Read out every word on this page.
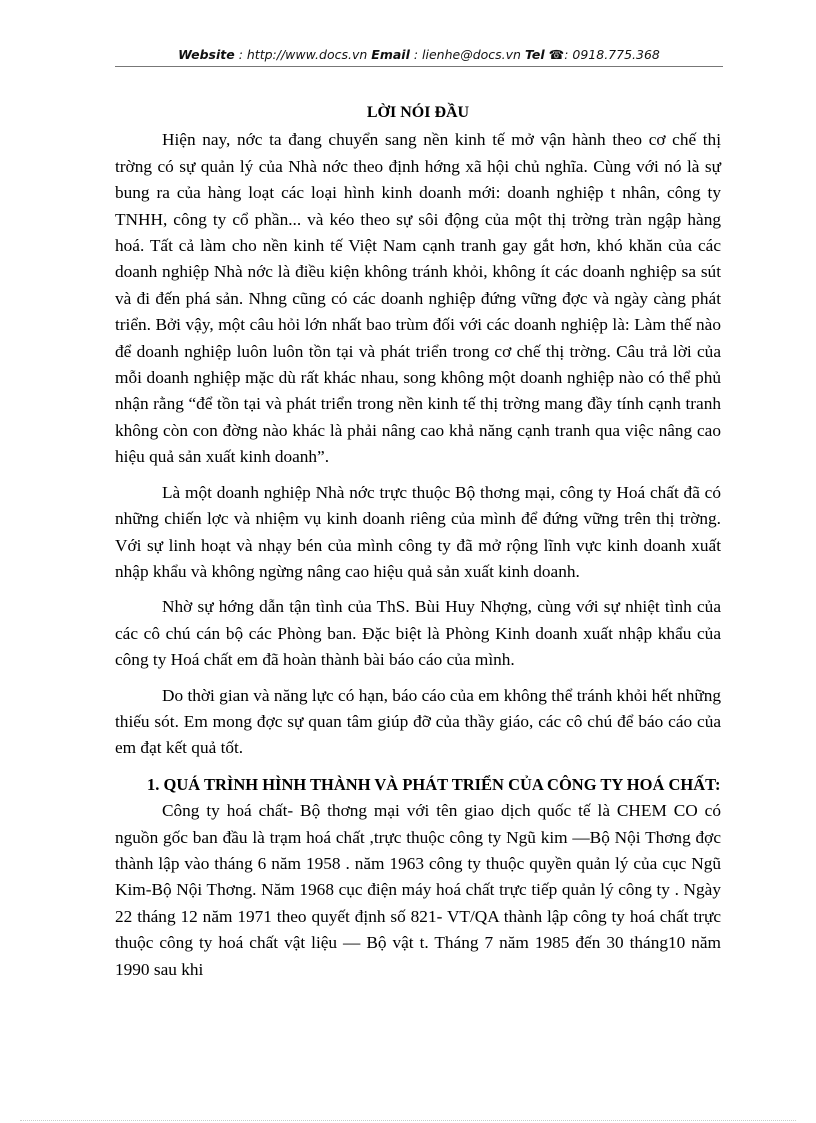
Website : http://www.docs.vn Email : lienhe@docs.vn Tel ☎: 0918.775.368

LỜI NÓI ĐẦU

Hiện nay, nớc ta đang chuyển sang nền kinh tế mở vận hành theo cơ chế thị trờng có sự quản lý của Nhà nớc theo định hớng xã hội chủ nghĩa. Cùng với nó là sự bung ra của hàng loạt các loại hình kinh doanh mới: doanh nghiệp t nhân, công ty TNHH, công ty cổ phần... và kéo theo sự sôi động của một thị trờng tràn ngập hàng hoá. Tất cả làm cho nền kinh tế Việt Nam cạnh tranh gay gắt hơn, khó khăn của các doanh nghiệp Nhà nớc là điều kiện không tránh khỏi, không ít các doanh nghiệp sa sút và đi đến phá sản. Nhng cũng có các doanh nghiệp đứng vững đợc và ngày càng phát triển. Bởi vậy, một câu hỏi lớn nhất bao trùm đối với các doanh nghiệp là: Làm thế nào để doanh nghiệp luôn luôn tồn tại và phát triển trong cơ chế thị trờng. Câu trả lời của mỗi doanh nghiệp mặc dù rất khác nhau, song không một doanh nghiệp nào có thể phủ nhận rằng “để tồn tại và phát triển trong nền kinh tế thị trờng mang đầy tính cạnh tranh không còn con đờng nào khác là phải nâng cao khả năng cạnh tranh qua việc nâng cao hiệu quả sản xuất kinh doanh”.

Là một doanh nghiệp Nhà nớc trực thuộc Bộ thơng mại, công ty Hoá chất đã có những chiến lợc và nhiệm vụ kinh doanh riêng của mình để đứng vững trên thị trờng. Với sự linh hoạt và nhạy bén của mình công ty đã mở rộng lĩnh vực kinh doanh xuất nhập khẩu và không ngừng nâng cao hiệu quả sản xuất kinh doanh.

Nhờ sự hớng dẫn tận tình của ThS. Bùi Huy Nhợng, cùng với sự nhiệt tình của các cô chú cán bộ các Phòng ban. Đặc biệt là Phòng Kinh doanh xuất nhập khẩu của công ty Hoá chất em đã hoàn thành bài báo cáo của mình.

Do thời gian và năng lực có hạn, báo cáo của em không thể tránh khỏi hết những thiếu sót. Em mong đợc sự quan tâm giúp đỡ của thầy giáo, các cô chú để báo cáo của em đạt kết quả tốt.

1. QUÁ TRÌNH HÌNH THÀNH VÀ PHÁT TRIỂN CỦA CÔNG TY HOÁ CHẤT:

Công ty hoá chất- Bộ thơng mại với tên giao dịch quốc tế là CHEM CO có nguồn gốc ban đầu là trạm hoá chất ,trực thuộc công ty Ngũ kim —Bộ Nội Thơng đợc thành lập vào tháng 6 năm 1958 . năm 1963 công ty thuộc quyền quản lý của cục Ngũ Kim-Bộ Nội Thơng. Năm 1968 cục điện máy hoá chất trực tiếp quản lý công ty . Ngày 22 tháng 12 năm 1971 theo quyết định số 821- VT/QA thành lập công ty hoá chất trực thuộc công ty hoá chất vật liệu — Bộ vật t. Tháng 7 năm 1985 đến 30 tháng10 năm 1990 sau khi
